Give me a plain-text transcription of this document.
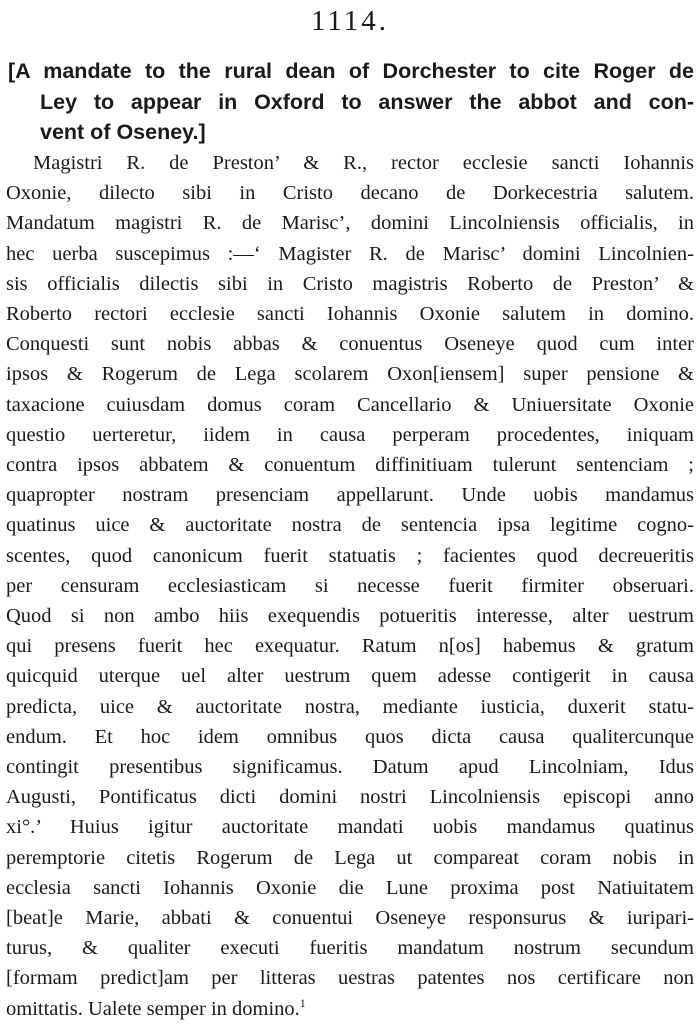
1114.
[A mandate to the rural dean of Dorchester to cite Roger de
Ley to appear in Oxford to answer the abbot and con-
vent of Oseney.]
Magistri R. de Preston’ & R., rector ecclesie sancti Iohannis
Oxonie, dilecto sibi in Cristo decano de Dorkecestria salutem.
Mandatum magistri R. de Marisc’, domini Lincolniensis officialis, in
hec uerba suscepimus :—‘ Magister R. de Marisc’ domini Lincolnien-
sis officialis dilectis sibi in Cristo magistris Roberto de Preston’ &
Roberto rectori ecclesie sancti Iohannis Oxonie salutem in domino.
Conquesti sunt nobis abbas & conuentus Oseneye quod cum inter
ipsos & Rogerum de Lega scolarem Oxon[iensem] super pensione &
taxacione cuiusdam domus coram Cancellario & Uniuersitate Oxonie
questio uerteretur, iidem in causa perperam procedentes, iniquam
contra ipsos abbatem & conuentum diffinitiuam tulerunt sentenciam ;
quapropter nostram presenciam appellarunt. Unde uobis mandamus
quatinus uice & auctoritate nostra de sentencia ipsa legitime cogno-
scentes, quod canonicum fuerit statuatis ; facientes quod decreueritis
per censuram ecclesiasticam si necesse fuerit firmiter obseruari.
Quod si non ambo hiis exequendis potueritis interesse, alter uestrum
qui presens fuerit hec exequatur. Ratum n[os] habemus & gratum
quicquid uterque uel alter uestrum quem adesse contigerit in causa
predicta, uice & auctoritate nostra, mediante iusticia, duxerit statu-
endum. Et hoc idem omnibus quos dicta causa qualitercunque
contingit presentibus significamus. Datum apud Lincolniam, Idus
Augusti, Pontificatus dicti domini nostri Lincolniensis episcopi anno
xi°.’ Huius igitur auctoritate mandati uobis mandamus quatinus
peremptorie citetis Rogerum de Lega ut compareat coram nobis in
ecclesia sancti Iohannis Oxonie die Lune proxima post Natiuitatem
[beat]e Marie, abbati & conuentui Oseneye responsurus & iuripari-
turus, & qualiter executi fueritis mandatum nostrum secundum
[formam predict]am per litteras uestras patentes nos certificare non
omittatis. Ualete semper in domino.$^1$
